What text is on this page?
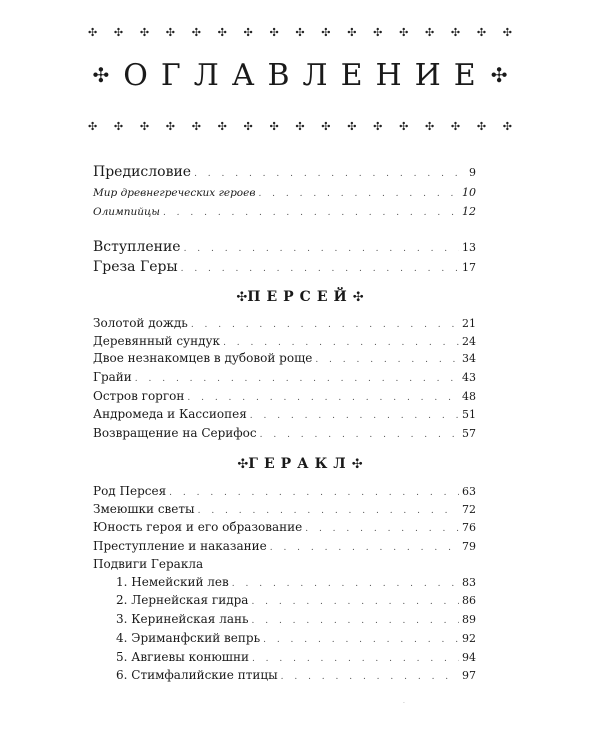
✣ ✣ ✣ ✣ ✣ ✣ ✣ ✣ ✣ ✣ ✣ ✣ ✣ ✣ ✣ ✣ ✣
✣ ОГЛАВЛЕНИЕ ✣
✣ ✣ ✣ ✣ ✣ ✣ ✣ ✣ ✣ ✣ ✣ ✣ ✣ ✣ ✣ ✣ ✣
Предисловие . . .	9
Мир древнегреческих героев . . .	10
Олимпийцы . . .	12
Вступление . . .	13
Греза Геры . . .	17
✣ПЕРСЕЙ✣
Золотой дождь . . .	21
Деревянный сундук . . .	24
Двое незнакомцев в дубовой роще . . .	34
Грайи . . .	43
Остров горгон . . .	48
Андромеда и Кассиопея . . .	51
Возвращение на Серифос . . .	57
✣ГЕРАКЛ✣
Род Персея . . .	63
Змеюшки светы . . .	72
Юность героя и его образование . . .	76
Преступление и наказание . . .	79
Подвиги Геракла
1. Немейский лев . . .	83
2. Лернейская гидра . . .	86
3. Керинейская лань . . .	89
4. Эриманфский вепрь . . .	92
5. Авгиевы конюшни . . .	94
6. Стимфалийские птицы . . .	97
·
